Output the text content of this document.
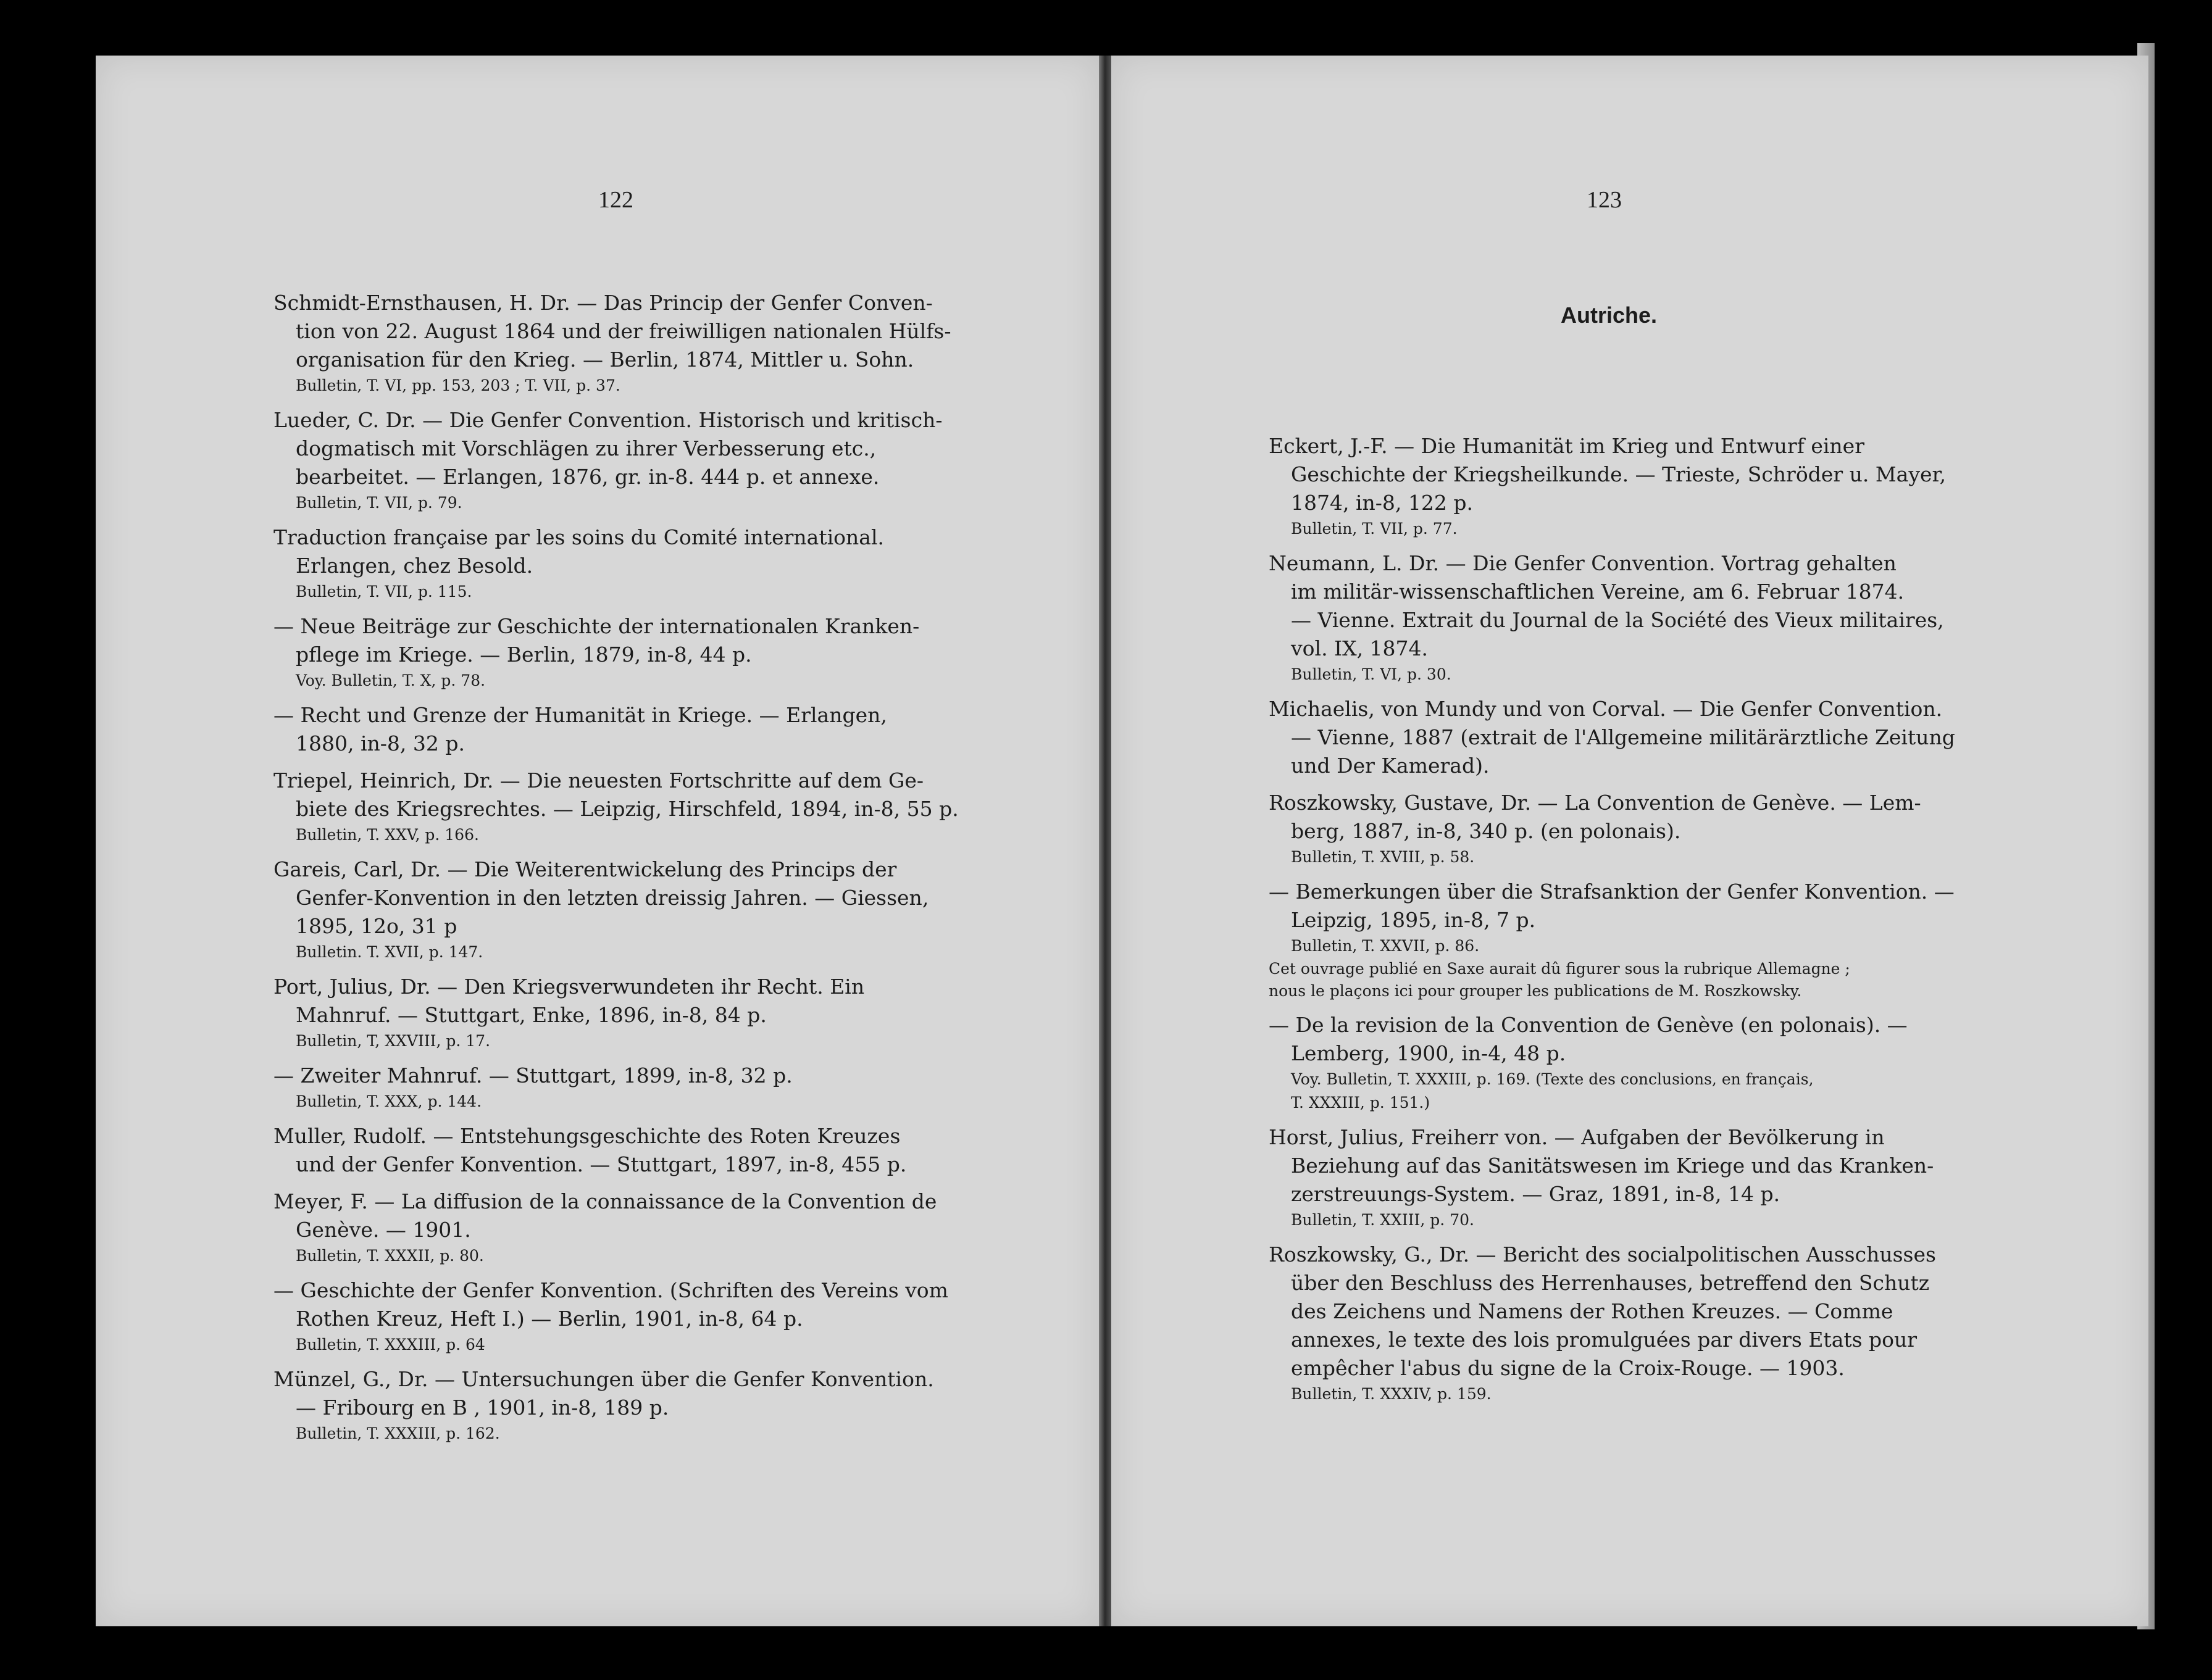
122
Schmidt-Ernsthausen, H. Dr. — Das Princip der Genfer Conven-
tion von 22. August 1864 und der freiwilligen nationalen Hülfs-
organisation für den Krieg. — Berlin, 1874, Mittler u. Sohn.
Bulletin, T. VI, pp. 153, 203 ; T. VII, p. 37.
Lueder, C. Dr. — Die Genfer Convention. Historisch und kritisch-
dogmatisch mit Vorschlägen zu ihrer Verbesserung etc.,
bearbeitet. — Erlangen, 1876, gr. in-8. 444 p. et annexe.
Bulletin, T. VII, p. 79.
Traduction française par les soins du Comité international.
Erlangen, chez Besold.
Bulletin, T. VII, p. 115.
— Neue Beiträge zur Geschichte der internationalen Kranken-
pflege im Kriege. — Berlin, 1879, in-8, 44 p.
Voy. Bulletin, T. X, p. 78.
— Recht und Grenze der Humanität in Kriege. — Erlangen,
1880, in-8, 32 p.
Triepel, Heinrich, Dr. — Die neuesten Fortschritte auf dem Ge-
biete des Kriegsrechtes. — Leipzig, Hirschfeld, 1894, in-8, 55 p.
Bulletin, T. XXV, p. 166.
Gareis, Carl, Dr. — Die Weiterentwickelung des Princips der
Genfer-Konvention in den letzten dreissig Jahren. — Giessen,
1895, 12o, 31 p
Bulletin. T. XVII, p. 147.
Port, Julius, Dr. — Den Kriegsverwundeten ihr Recht. Ein
Mahnruf. — Stuttgart, Enke, 1896, in-8, 84 p.
Bulletin, T, XXVIII, p. 17.
— Zweiter Mahnruf. — Stuttgart, 1899, in-8, 32 p.
Bulletin, T. XXX, p. 144.
Muller, Rudolf. — Entstehungsgeschichte des Roten Kreuzes
und der Genfer Konvention. — Stuttgart, 1897, in-8, 455 p.
Meyer, F. — La diffusion de la connaissance de la Convention de
Genève. — 1901.
Bulletin, T. XXXII, p. 80.
— Geschichte der Genfer Konvention. (Schriften des Vereins vom
Rothen Kreuz, Heft I.) — Berlin, 1901, in-8, 64 p.
Bulletin, T. XXXIII, p. 64
Münzel, G., Dr. — Untersuchungen über die Genfer Konvention.
— Fribourg en B , 1901, in-8, 189 p.
Bulletin, T. XXXIII, p. 162.
123
Autriche.
Eckert, J.-F. — Die Humanität im Krieg und Entwurf einer
Geschichte der Kriegsheilkunde. — Trieste, Schröder u. Mayer,
1874, in-8, 122 p.
Bulletin, T. VII, p. 77.
Neumann, L. Dr. — Die Genfer Convention. Vortrag gehalten
im militär-wissenschaftlichen Vereine, am 6. Februar 1874.
— Vienne. Extrait du Journal de la Société des Vieux militaires,
vol. IX, 1874.
Bulletin, T. VI, p. 30.
Michaelis, von Mundy und von Corval. — Die Genfer Convention.
— Vienne, 1887 (extrait de l'Allgemeine militärärztliche Zeitung
und Der Kamerad).
Roszkowsky, Gustave, Dr. — La Convention de Genève. — Lem-
berg, 1887, in-8, 340 p. (en polonais).
Bulletin, T. XVIII, p. 58.
— Bemerkungen über die Strafsanktion der Genfer Konvention. —
Leipzig, 1895, in-8, 7 p.
Bulletin, T. XXVII, p. 86.
Cet ouvrage publié en Saxe aurait dû figurer sous la rubrique Allemagne ;
nous le plaçons ici pour grouper les publications de M. Roszkowsky.
— De la revision de la Convention de Genève (en polonais). —
Lemberg, 1900, in-4, 48 p.
Voy. Bulletin, T. XXXIII, p. 169. (Texte des conclusions, en français,
T. XXXIII, p. 151.)
Horst, Julius, Freiherr von. — Aufgaben der Bevölkerung in
Beziehung auf das Sanitätswesen im Kriege und das Kranken-
zerstreuungs-System. — Graz, 1891, in-8, 14 p.
Bulletin, T. XXIII, p. 70.
Roszkowsky, G., Dr. — Bericht des socialpolitischen Ausschusses
über den Beschluss des Herrenhauses, betreffend den Schutz
des Zeichens und Namens der Rothen Kreuzes. — Comme
annexes, le texte des lois promulguées par divers Etats pour
empêcher l'abus du signe de la Croix-Rouge. — 1903.
Bulletin, T. XXXIV, p. 159.
